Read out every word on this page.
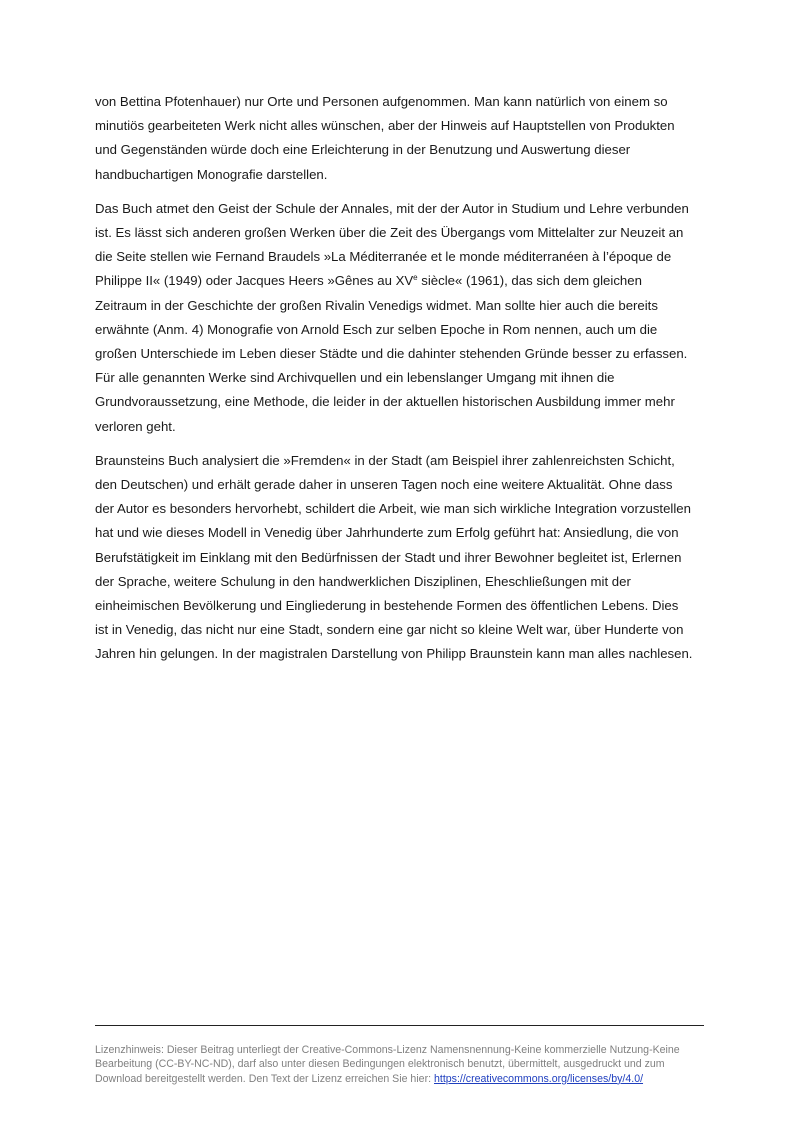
von Bettina Pfotenhauer) nur Orte und Personen aufgenommen. Man kann natürlich von einem so
minutiös gearbeiteten Werk nicht alles wünschen, aber der Hinweis auf Hauptstellen von Produkten
und Gegenständen würde doch eine Erleichterung in der Benutzung und Auswertung dieser
handbuchartigen Monografie darstellen.

Das Buch atmet den Geist der Schule der Annales, mit der der Autor in Studium und Lehre verbunden
ist. Es lässt sich anderen großen Werken über die Zeit des Übergangs vom Mittelalter zur Neuzeit an
die Seite stellen wie Fernand Braudels »La Méditerranée et le monde méditerranéen à l’époque de
Philippe II« (1949) oder Jacques Heers »Gênes au XVe siècle« (1961), das sich dem gleichen
Zeitraum in der Geschichte der großen Rivalin Venedigs widmet. Man sollte hier auch die bereits
erwähnte (Anm. 4) Monografie von Arnold Esch zur selben Epoche in Rom nennen, auch um die
großen Unterschiede im Leben dieser Städte und die dahinter stehenden Gründe besser zu erfassen.
Für alle genannten Werke sind Archivquellen und ein lebenslanger Umgang mit ihnen die
Grundvoraussetzung, eine Methode, die leider in der aktuellen historischen Ausbildung immer mehr
verloren geht.

Braunsteins Buch analysiert die »Fremden« in der Stadt (am Beispiel ihrer zahlenreichsten Schicht,
den Deutschen) und erhält gerade daher in unseren Tagen noch eine weitere Aktualität. Ohne dass
der Autor es besonders hervorhebt, schildert die Arbeit, wie man sich wirkliche Integration vorzustellen
hat und wie dieses Modell in Venedig über Jahrhunderte zum Erfolg geführt hat: Ansiedlung, die von
Berufstätigkeit im Einklang mit den Bedürfnissen der Stadt und ihrer Bewohner begleitet ist, Erlernen
der Sprache, weitere Schulung in den handwerklichen Disziplinen, Eheschließungen mit der
einheimischen Bevölkerung und Eingliederung in bestehende Formen des öffentlichen Lebens. Dies
ist in Venedig, das nicht nur eine Stadt, sondern eine gar nicht so kleine Welt war, über Hunderte von
Jahren hin gelungen. In der magistralen Darstellung von Philipp Braunstein kann man alles nachlesen.

Lizenzhinweis: Dieser Beitrag unterliegt der Creative-Commons-Lizenz Namensnennung-Keine kommerzielle Nutzung-Keine
Bearbeitung (CC-BY-NC-ND), darf also unter diesen Bedingungen elektronisch benutzt, übermittelt, ausgedruckt und zum
Download bereitgestellt werden. Den Text der Lizenz erreichen Sie hier: https://creativecommons.org/licenses/by/4.0/
